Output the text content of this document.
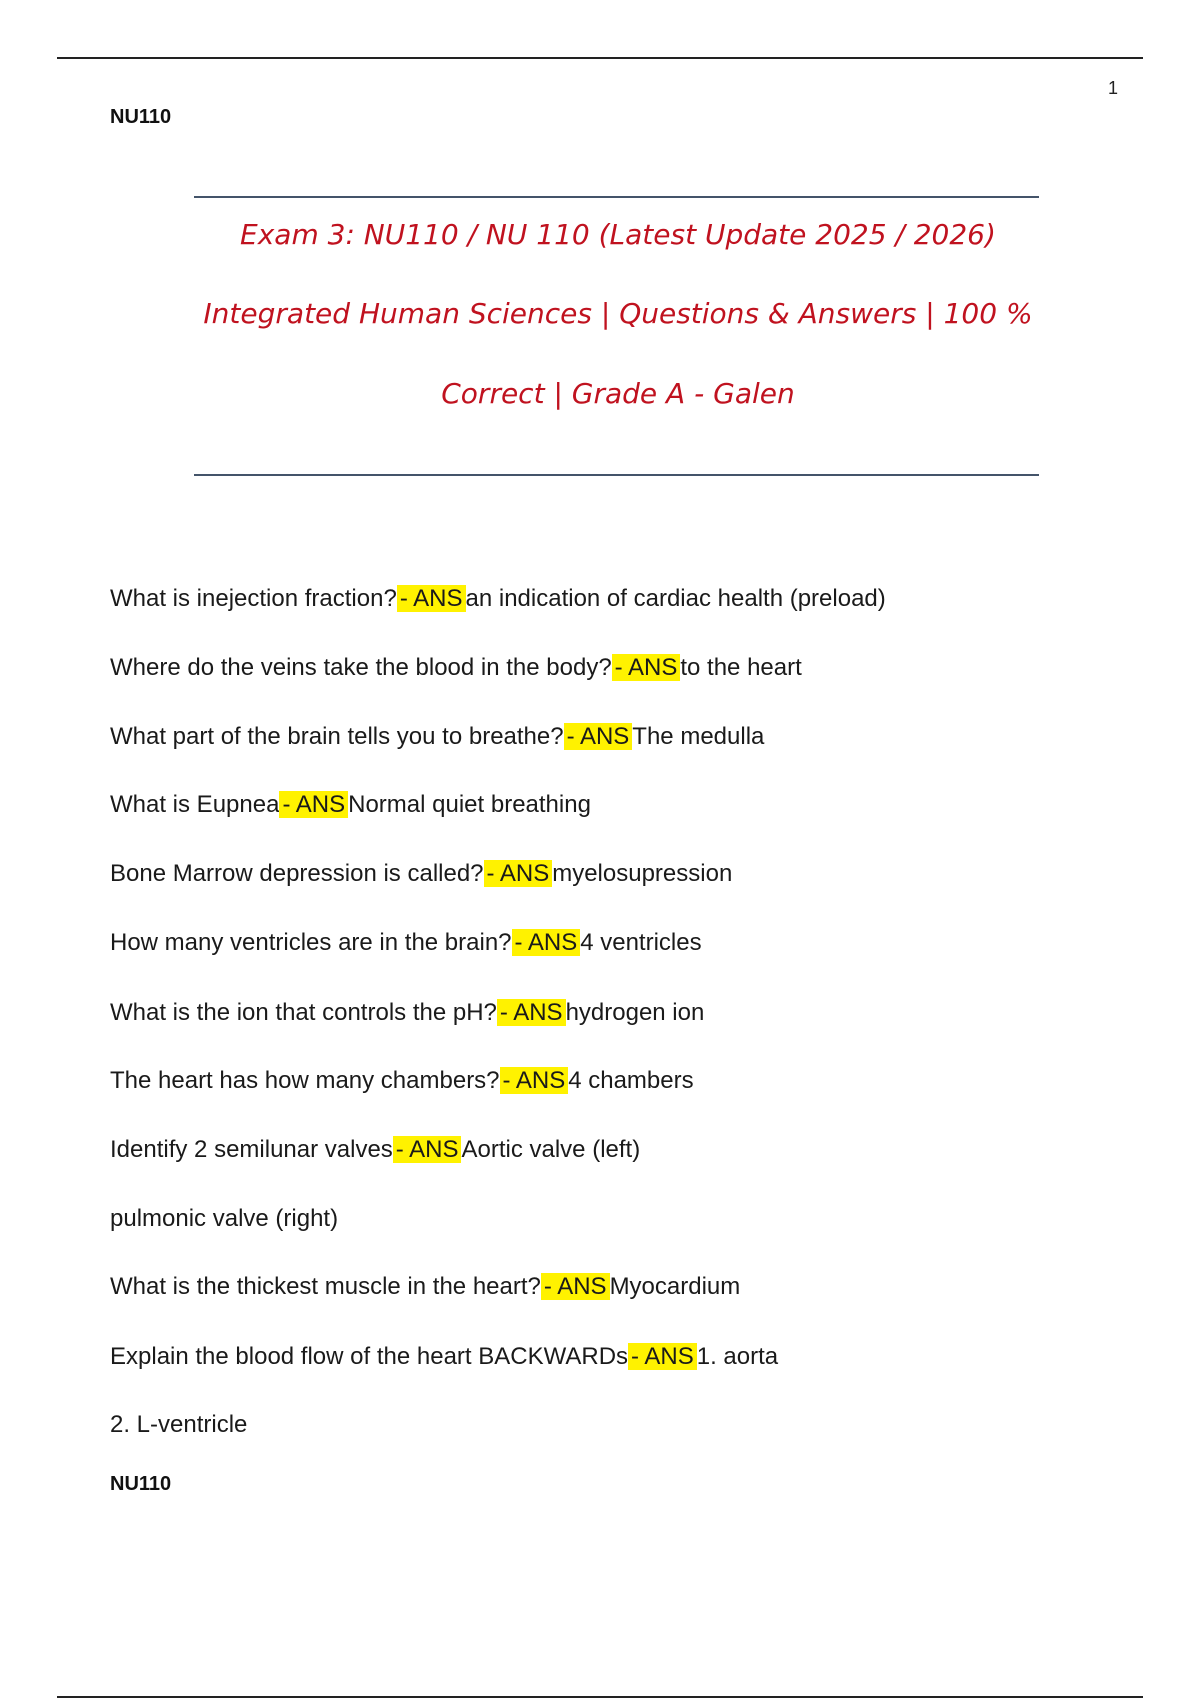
1
NU110
Exam 3: NU110 / NU 110 (Latest Update 2025 / 2026)
Integrated Human Sciences | Questions & Answers | 100 %
Correct | Grade A - Galen
What is inejection fraction? - ANS an indication of cardiac health (preload)
Where do the veins take the blood in the body? - ANS to the heart
What part of the brain tells you to breathe? - ANS The medulla
What is Eupnea - ANS Normal quiet breathing
Bone Marrow depression is called? - ANS myelosupression
How many ventricles are in the brain? - ANS 4 ventricles
What is the ion that controls the pH? - ANS hydrogen ion
The heart has how many chambers? - ANS 4 chambers
Identify 2 semilunar valves - ANS Aortic valve (left)
pulmonic valve (right)
What is the thickest muscle in the heart? - ANS Myocardium
Explain the blood flow of the heart BACKWARDs - ANS 1. aorta
2. L-ventricle
NU110
